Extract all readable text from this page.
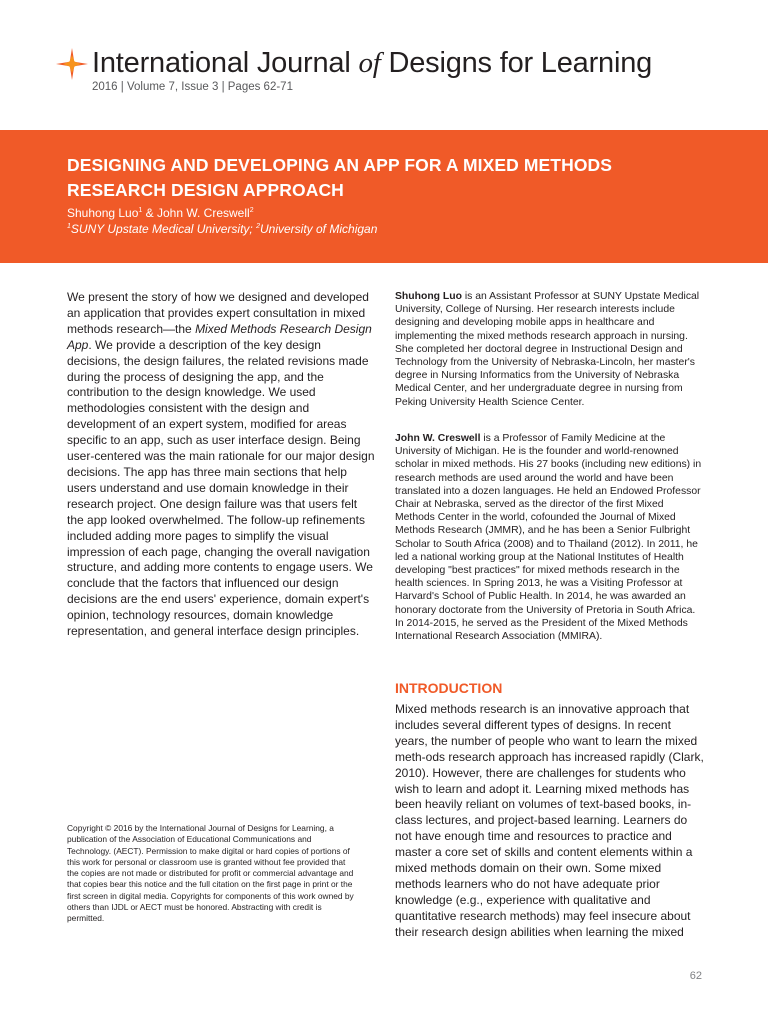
International Journal of Designs for Learning
2016 | Volume 7, Issue 3 | Pages 62-71
DESIGNING AND DEVELOPING AN APP FOR A MIXED METHODS RESEARCH DESIGN APPROACH
Shuhong Luo$^1$ & John W. Creswell$^2$
$^1$SUNY Upstate Medical University; $^2$University of Michigan
We present the story of how we designed and developed an application that provides expert consultation in mixed methods research—the Mixed Methods Research Design App. We provide a description of the key design decisions, the design failures, the related revisions made during the process of designing the app, and the contribution to the design knowledge. We used methodologies consistent with the design and development of an expert system, modified for areas specific to an app, such as user interface design. Being user-centered was the main rationale for our major design decisions. The app has three main sections that help users understand and use domain knowledge in their research project. One design failure was that users felt the app looked overwhelmed. The follow-up refinements included adding more pages to simplify the visual impression of each page, changing the overall navigation structure, and adding more contents to engage users. We conclude that the factors that influenced our design decisions are the end users' experience, domain expert's opinion, technology resources, domain knowledge representation, and general interface design principles.
Copyright © 2016 by the International Journal of Designs for Learning, a publication of the Association of Educational Communications and Technology. (AECT). Permission to make digital or hard copies of portions of this work for personal or classroom use is granted without fee provided that the copies are not made or distributed for profit or commercial advantage and that copies bear this notice and the full citation on the first page in print or the first screen in digital media. Copyrights for components of this work owned by others than IJDL or AECT must be honored. Abstracting with credit is permitted.
Shuhong Luo is an Assistant Professor at SUNY Upstate Medical University, College of Nursing. Her research interests include designing and developing mobile apps in healthcare and implementing the mixed methods research approach in nursing. She completed her doctoral degree in Instructional Design and Technology from the University of Nebraska-Lincoln, her master's degree in Nursing Informatics from the University of Nebraska Medical Center, and her undergraduate degree in nursing from Peking University Health Science Center.
John W. Creswell is a Professor of Family Medicine at the University of Michigan. He is the founder and world-renowned scholar in mixed methods. His 27 books (including new editions) in research methods are used around the world and have been translated into a dozen languages. He held an Endowed Professor Chair at Nebraska, served as the director of the first Mixed Methods Center in the world, cofounded the Journal of Mixed Methods Research (JMMR), and he has been a Senior Fulbright Scholar to South Africa (2008) and to Thailand (2012). In 2011, he led a national working group at the National Institutes of Health developing "best practices" for mixed methods research in the health sciences. In Spring 2013, he was a Visiting Professor at Harvard's School of Public Health. In 2014, he was awarded an honorary doctorate from the University of Pretoria in South Africa. In 2014-2015, he served as the President of the Mixed Methods International Research Association (MMIRA).
INTRODUCTION
Mixed methods research is an innovative approach that includes several different types of designs. In recent years, the number of people who want to learn the mixed meth-ods research approach has increased rapidly (Clark, 2010). However, there are challenges for students who wish to learn and adopt it. Learning mixed methods has been heavily reliant on volumes of text-based books, in-class lectures, and project-based learning. Learners do not have enough time and resources to practice and master a core set of skills and content elements within a mixed methods domain on their own. Some mixed methods learners who do not have adequate prior knowledge (e.g., experience with qualitative and quantitative research methods) may feel insecure about their research design abilities when learning the mixed
62
